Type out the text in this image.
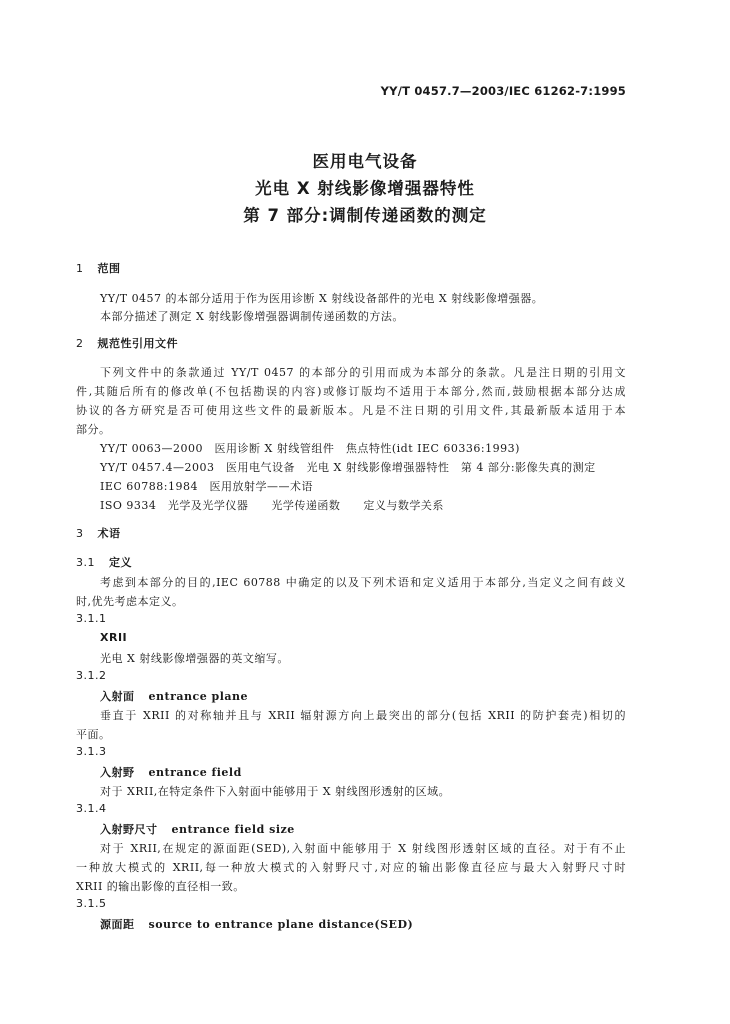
YY/T 0457.7—2003/IEC 61262-7:1995
医用电气设备
光电 X 射线影像增强器特性
第 7 部分:调制传递函数的测定
1 范围
YY/T 0457 的本部分适用于作为医用诊断 X 射线设备部件的光电 X 射线影像增强器。
本部分描述了测定 X 射线影像增强器调制传递函数的方法。
2 规范性引用文件
下列文件中的条款通过 YY/T 0457 的本部分的引用而成为本部分的条款。凡是注日期的引用文
件,其随后所有的修改单(不包括勘误的内容)或修订版均不适用于本部分,然而,鼓励根据本部分达成
协议的各方研究是否可使用这些文件的最新版本。凡是不注日期的引用文件,其最新版本适用于本
部分。
YY/T 0063—2000　医用诊断 X 射线管组件　焦点特性(idt IEC 60336:1993)
YY/T 0457.4—2003　医用电气设备　光电 X 射线影像增强器特性　第 4 部分:影像失真的测定
IEC 60788:1984　医用放射学——术语
ISO 9334　光学及光学仪器　　光学传递函数　　定义与数学关系
3 术语
3.1 定义
考虑到本部分的目的,IEC 60788 中确定的以及下列术语和定义适用于本部分,当定义之间有歧义
时,优先考虑本定义。
3.1.1
XRII
光电 X 射线影像增强器的英文缩写。
3.1.2
入射面 entrance plane
垂直于 XRII 的对称轴并且与 XRII 辐射源方向上最突出的部分(包括 XRII 的防护套壳)相切的
平面。
3.1.3
入射野 entrance field
对于 XRII,在特定条件下入射面中能够用于 X 射线图形透射的区域。
3.1.4
入射野尺寸 entrance field size
对于 XRII,在规定的源面距(SED),入射面中能够用于 X 射线图形透射区域的直径。对于有不止
一种放大模式的 XRII,每一种放大模式的入射野尺寸,对应的输出影像直径应与最大入射野尺寸时
XRII 的输出影像的直径相一致。
3.1.5
源面距 source to entrance plane distance(SED)
